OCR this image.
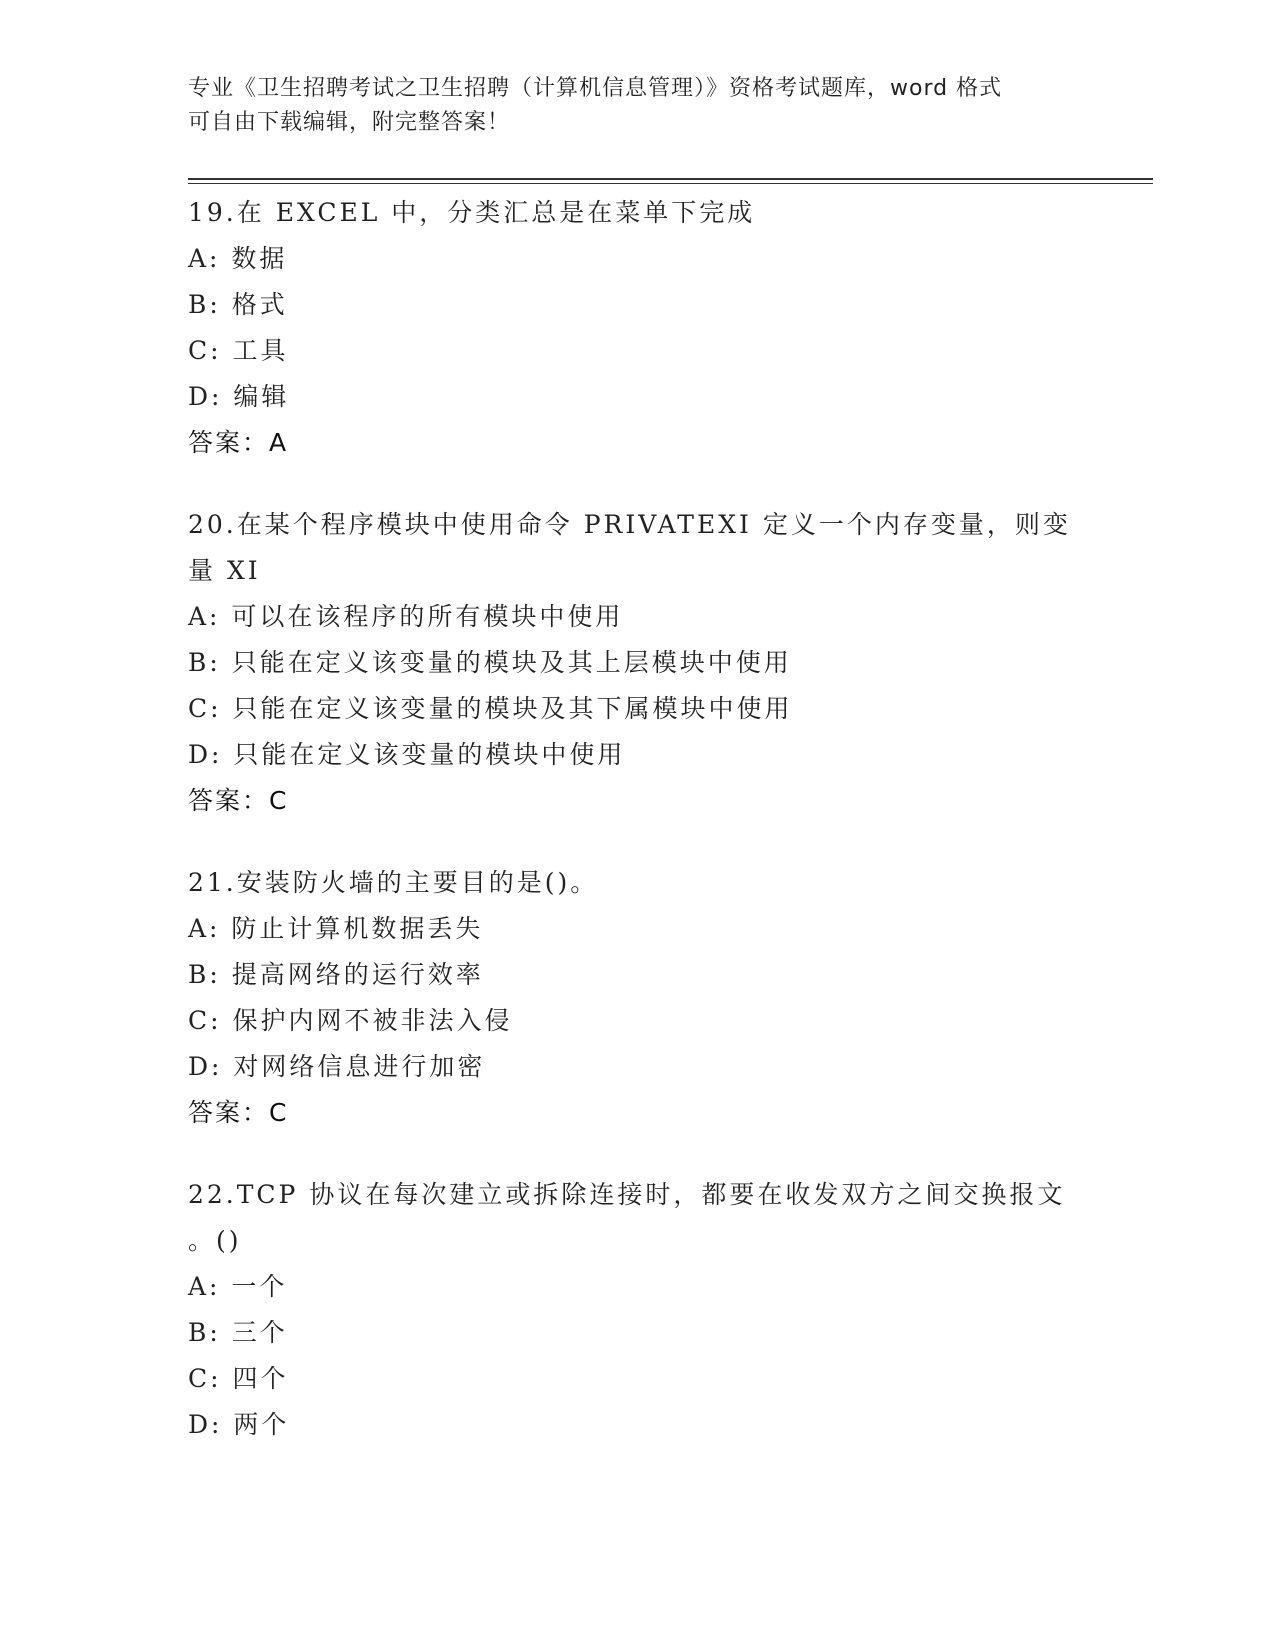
专业《卫生招聘考试之卫生招聘（计算机信息管理）》资格考试题库，word 格式
可自由下载编辑，附完整答案！
19.在 EXCEL 中，分类汇总是在菜单下完成
A: 数据
B: 格式
C: 工具
D: 编辑
答案：A
20.在某个程序模块中使用命令 PRIVATEXI 定义一个内存变量，则变量 XI
A: 可以在该程序的所有模块中使用
B: 只能在定义该变量的模块及其上层模块中使用
C: 只能在定义该变量的模块及其下属模块中使用
D: 只能在定义该变量的模块中使用
答案：C
21.安装防火墙的主要目的是()。
A: 防止计算机数据丢失
B: 提高网络的运行效率
C: 保护内网不被非法入侵
D: 对网络信息进行加密
答案：C
22.TCP 协议在每次建立或拆除连接时，都要在收发双方之间交换报文 。()
A: 一个
B: 三个
C: 四个
D: 两个
